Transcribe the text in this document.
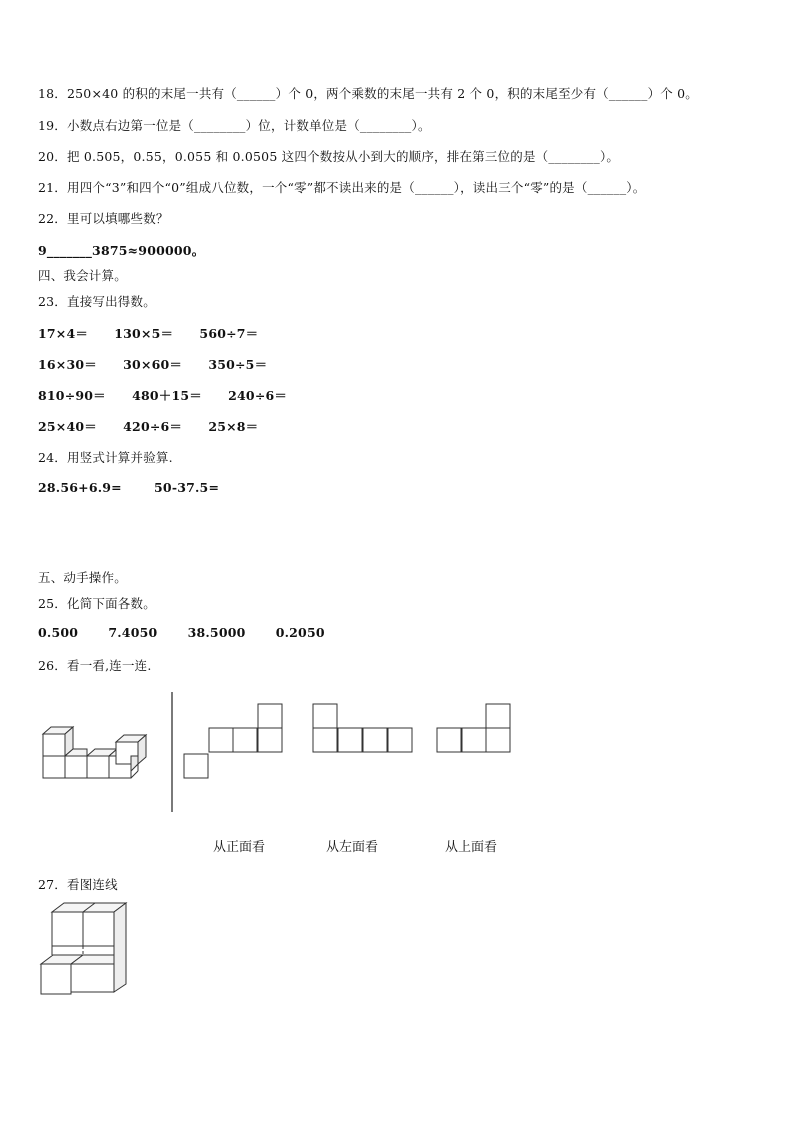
18．250×40 的积的末尾一共有（______）个 0，两个乘数的末尾一共有 2 个 0，积的末尾至少有（______）个 0。
19．小数点右边第一位是（________）位，计数单位是（________）。
20．把 0.505，0.55，0.055 和 0.0505 这四个数按从小到大的顺序，排在第三位的是（________）。
21．用四个“3”和四个“0”组成八位数，一个“零”都不读出来的是（______），读出三个“零”的是（______）。
22．里可以填哪些数？
9_______3875≈900000。
四、我会计算。
23．直接写出得数。
17×4＝ 130×5＝ 560÷7＝
16×30＝ 30×60＝ 350÷5＝
810÷90＝ 480＋15＝ 240÷6＝
25×40＝ 420÷6＝ 25×8＝
24．用竖式计算并验算.
28.56+6.9=	50-37.5=
五、动手操作。
25．化简下面各数。
0.500 7.4050 38.5000 0.2050
26．看一看,连一连.
从正面看	从左面看	从上面看
27．看图连线
